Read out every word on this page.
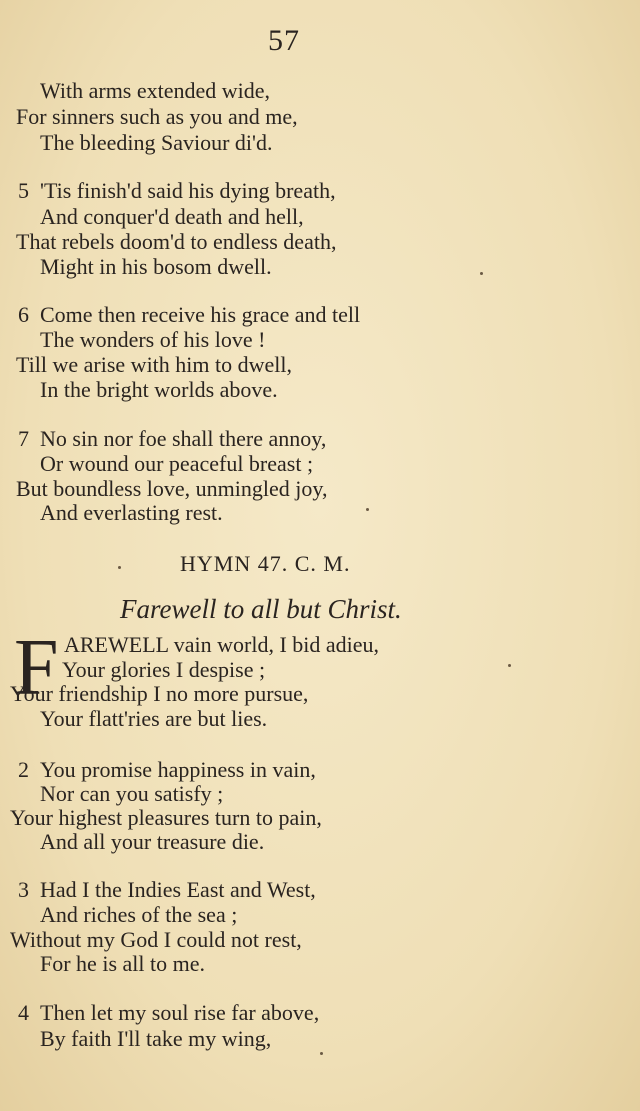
57
With arms extended wide,
For sinners such as you and me,
The bleeding Saviour di'd.
5 'Tis finish'd said his dying breath,
And conquer'd death and hell,
That rebels doom'd to endless death,
Might in his bosom dwell.
6 Come then receive his grace and tell
The wonders of his love !
Till we arise with him to dwell,
In the bright worlds above.
7 No sin nor foe shall there annoy,
Or wound our peaceful breast ;
But boundless love, unmingled joy,
And everlasting rest.
HYMN 47. C. M.
Farewell to all but Christ.
F AREWELL vain world, I bid adieu,
Your glories I despise ;
Your friendship I no more pursue,
Your flatt'ries are but lies.
2 You promise happiness in vain,
Nor can you satisfy ;
Your highest pleasures turn to pain,
And all your treasure die.
3 Had I the Indies East and West,
And riches of the sea ;
Without my God I could not rest,
For he is all to me.
4 Then let my soul rise far above,
By faith I'll take my wing,
